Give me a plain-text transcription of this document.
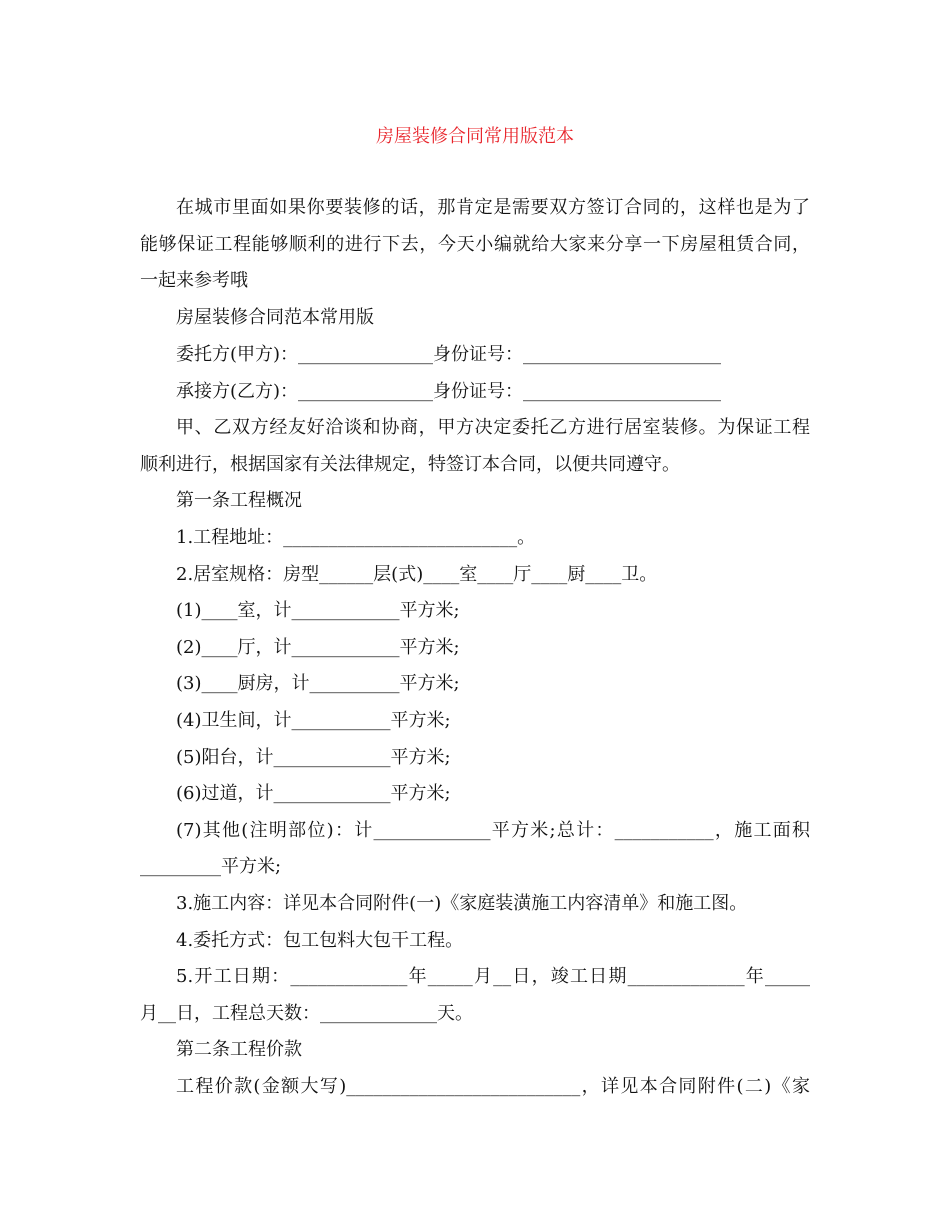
房屋装修合同常用版范本
在城市里面如果你要装修的话，那肯定是需要双方签订合同的，这样也是为了
能够保证工程能够顺利的进行下去，今天小编就给大家来分享一下房屋租赁合同，
一起来参考哦
房屋装修合同范本常用版
委托方(甲方)：_______________身份证号：______________________
承接方(乙方)：_______________身份证号：______________________
甲、乙双方经友好洽谈和协商，甲方决定委托乙方进行居室装修。为保证工程
顺利进行，根据国家有关法律规定，特签订本合同，以便共同遵守。
第一条工程概况
1.工程地址：__________________________。
2.居室规格：房型______层(式)____室____厅____厨____卫。
(1)____室，计____________平方米;
(2)____厅，计____________平方米;
(3)____厨房，计__________平方米;
(4)卫生间，计___________平方米;
(5)阳台，计_____________平方米;
(6)过道，计_____________平方米;
(7)其他(注明部位)：计_____________平方米;总计：___________，施工面积
_________平方米;
3.施工内容：详见本合同附件(一)《家庭装潢施工内容清单》和施工图。
4.委托方式：包工包料大包干工程。
5.开工日期：_____________年_____月__日，竣工日期_____________年_____
月__日，工程总天数：_____________天。
第二条工程价款
工程价款(金额大写)__________________________，详见本合同附件(二)《家
